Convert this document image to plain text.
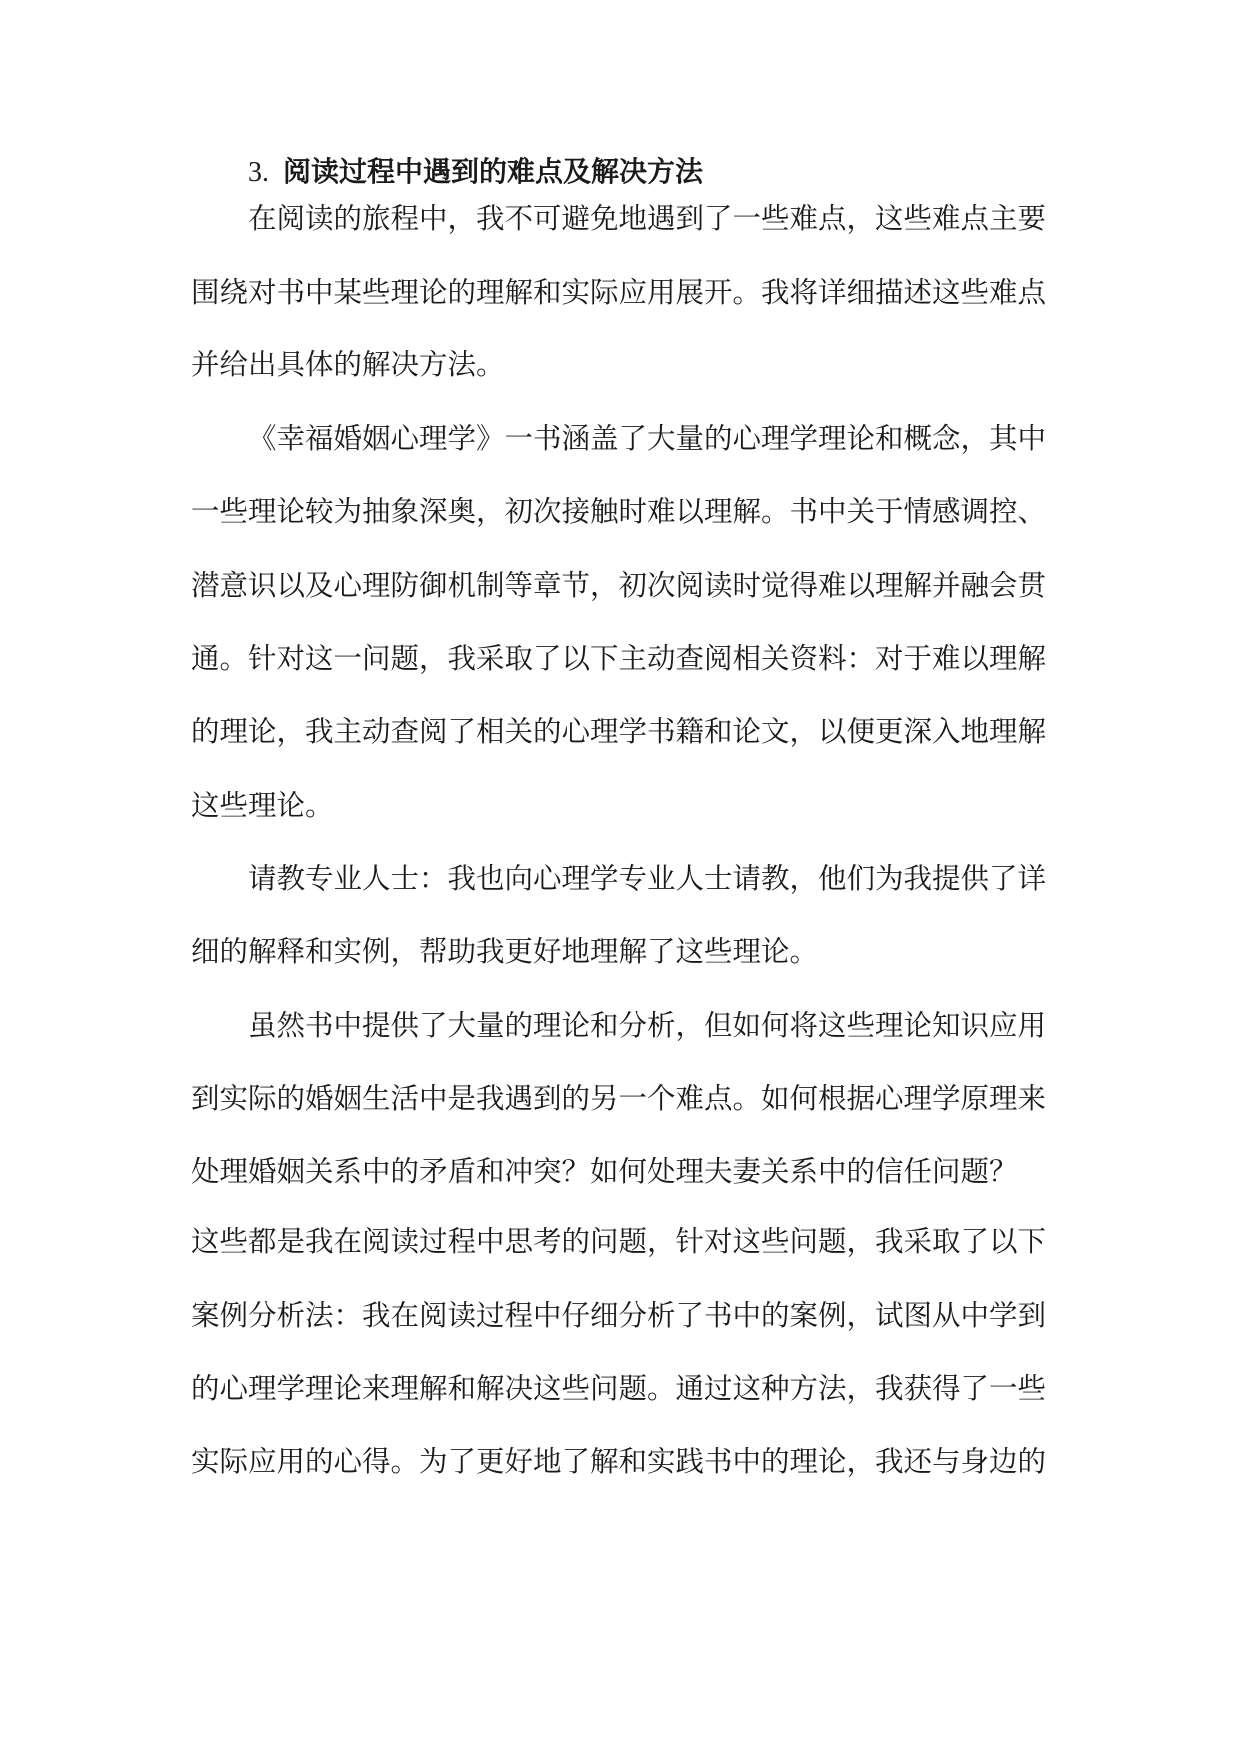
3. 阅读过程中遇到的难点及解决方法
在阅读的旅程中，我不可避免地遇到了一些难点，这些难点主要
围绕对书中某些理论的理解和实际应用展开。我将详细描述这些难点
并给出具体的解决方法。
《幸福婚姻心理学》一书涵盖了大量的心理学理论和概念，其中
一些理论较为抽象深奥，初次接触时难以理解。书中关于情感调控、
潜意识以及心理防御机制等章节，初次阅读时觉得难以理解并融会贯
通。针对这一问题，我采取了以下主动查阅相关资料：对于难以理解
的理论，我主动查阅了相关的心理学书籍和论文，以便更深入地理解
这些理论。
请教专业人士：我也向心理学专业人士请教，他们为我提供了详
细的解释和实例，帮助我更好地理解了这些理论。
虽然书中提供了大量的理论和分析，但如何将这些理论知识应用
到实际的婚姻生活中是我遇到的另一个难点。如何根据心理学原理来
处理婚姻关系中的矛盾和冲突？如何处理夫妻关系中的信任问题？
这些都是我在阅读过程中思考的问题，针对这些问题，我采取了以下
案例分析法：我在阅读过程中仔细分析了书中的案例，试图从中学到
的心理学理论来理解和解决这些问题。通过这种方法，我获得了一些
实际应用的心得。为了更好地了解和实践书中的理论，我还与身边的
